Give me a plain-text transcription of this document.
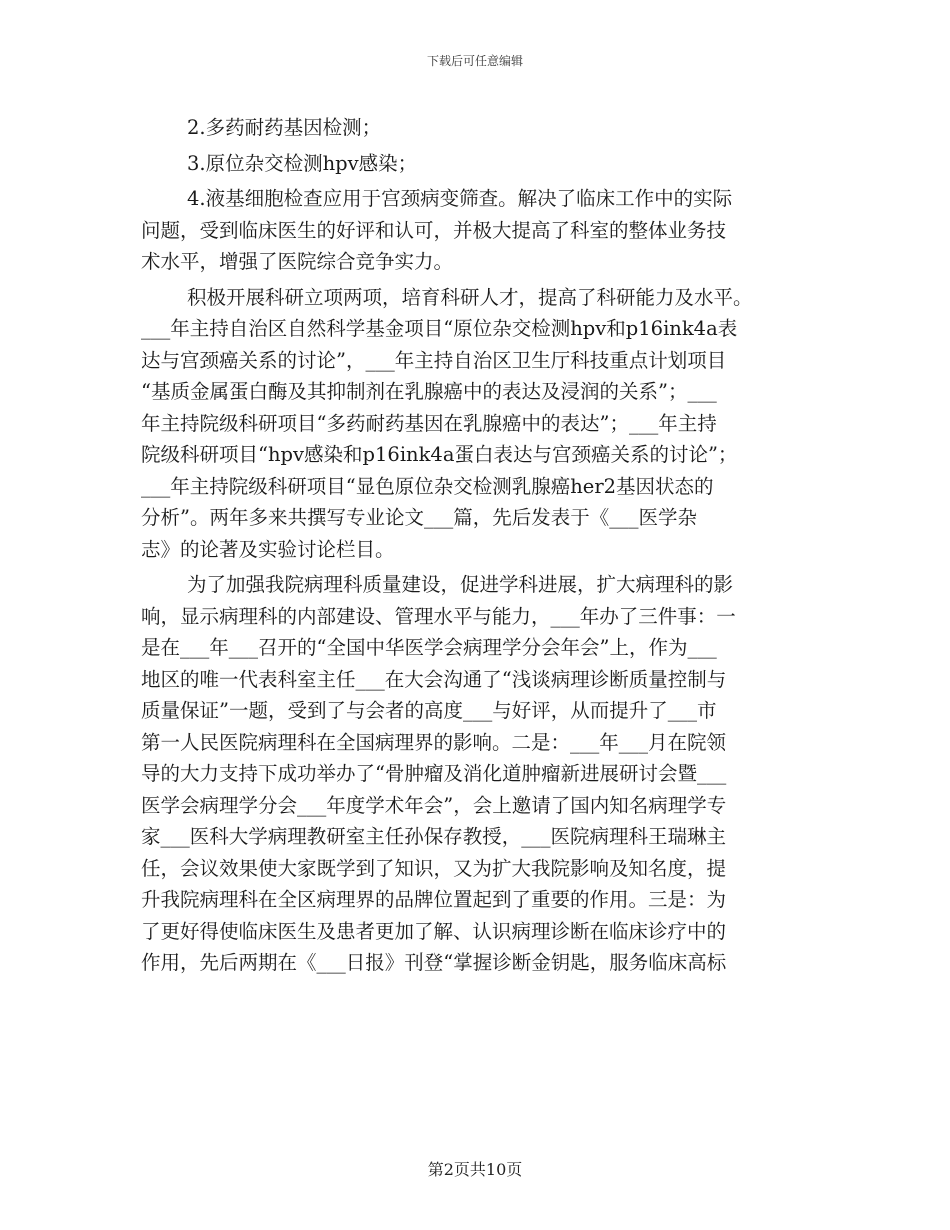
下载后可任意编辑
2.多药耐药基因检测；
3.原位杂交检测hpv感染；
4.液基细胞检查应用于宫颈病变筛查。解决了临床工作中的实际
问题，受到临床医生的好评和认可，并极大提高了科室的整体业务技
术水平，增强了医院综合竞争实力。
积极开展科研立项两项，培育科研人才，提高了科研能力及水平。
___年主持自治区自然科学基金项目“原位杂交检测hpv和p16ink4a表
达与宫颈癌关系的讨论”，___年主持自治区卫生厅科技重点计划项目
“基质金属蛋白酶及其抑制剂在乳腺癌中的表达及浸润的关系”；___
年主持院级科研项目“多药耐药基因在乳腺癌中的表达”；___年主持
院级科研项目“hpv感染和p16ink4a蛋白表达与宫颈癌关系的讨论”；
___年主持院级科研项目“显色原位杂交检测乳腺癌her2基因状态的
分析”。两年多来共撰写专业论文___篇，先后发表于《___医学杂
志》的论著及实验讨论栏目。
为了加强我院病理科质量建设，促进学科进展，扩大病理科的影
响，显示病理科的内部建设、管理水平与能力，___年办了三件事：一
是在___年___召开的“全国中华医学会病理学分会年会”上，作为___
地区的唯一代表科室主任___在大会沟通了“浅谈病理诊断质量控制与
质量保证”一题，受到了与会者的高度___与好评，从而提升了___市
第一人民医院病理科在全国病理界的影响。二是：___年___月在院领
导的大力支持下成功举办了“骨肿瘤及消化道肿瘤新进展研讨会暨___
医学会病理学分会___年度学术年会”，会上邀请了国内知名病理学专
家___医科大学病理教研室主任孙保存教授，___医院病理科王瑞琳主
任，会议效果使大家既学到了知识，又为扩大我院影响及知名度，提
升我院病理科在全区病理界的品牌位置起到了重要的作用。三是：为
了更好得使临床医生及患者更加了解、认识病理诊断在临床诊疗中的
作用，先后两期在《___日报》刊登“掌握诊断金钥匙，服务临床高标
第2页共10页
